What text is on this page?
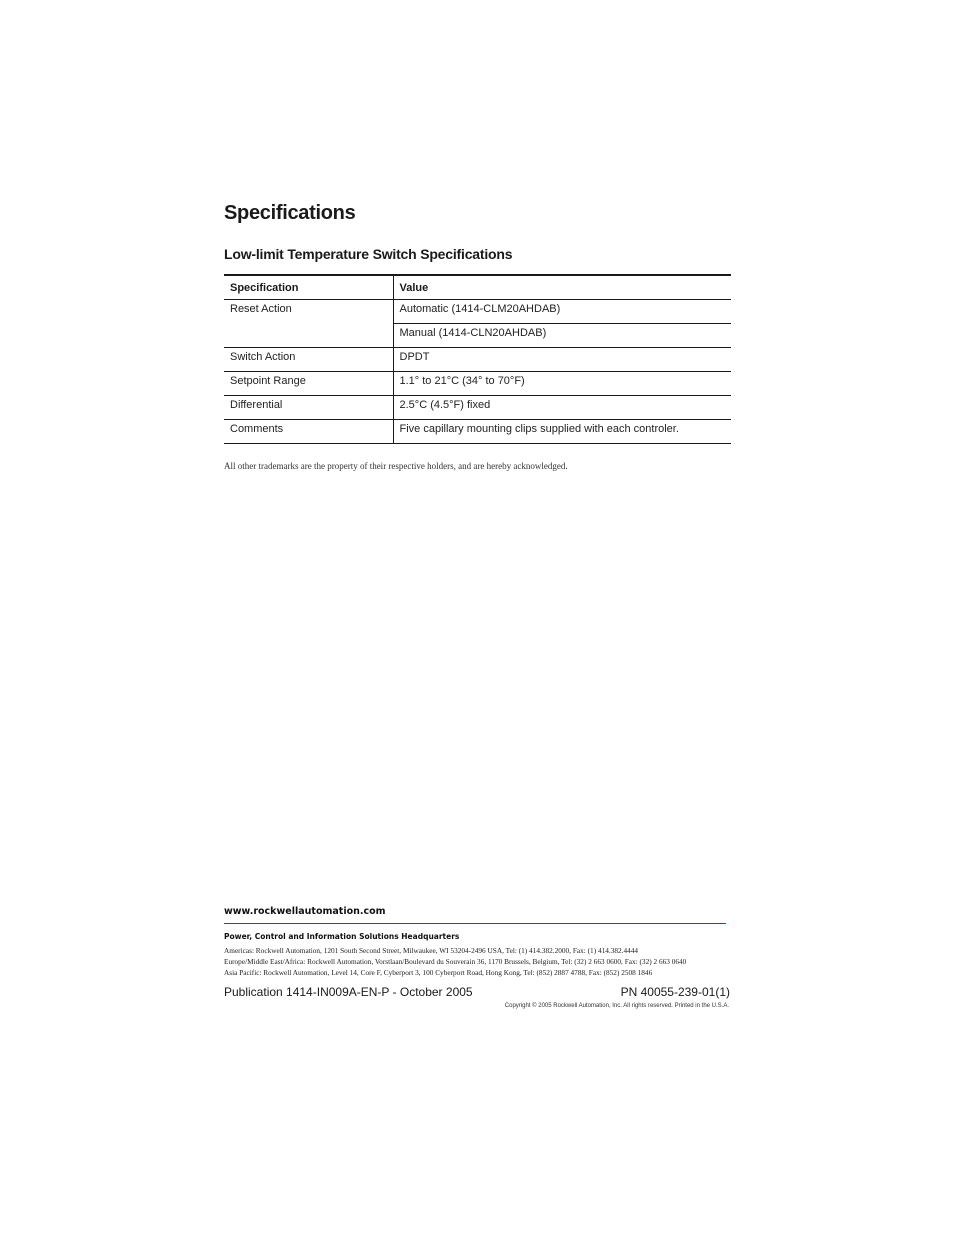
Specifications
Low-limit Temperature Switch Specifications
Specification	Value
Reset Action	Automatic (1414-CLM20AHDAB)
	Manual (1414-CLN20AHDAB)
Switch Action	DPDT
Setpoint Range	1.1° to 21°C (34° to 70°F)
Differential	2.5°C (4.5°F) fixed
Comments	Five capillary mounting clips supplied with each controler.

All other trademarks are the property of their respective holders, and are hereby acknowledged.

www.rockwellautomation.com

Power, Control and Information Solutions Headquarters

Americas: Rockwell Automation, 1201 South Second Street, Milwaukee, WI 53204-2496 USA, Tel: (1) 414.382.2000, Fax: (1) 414.382.4444

Europe/Middle East/Africa: Rockwell Automation, Vorstlaan/Boulevard du Souverain 36, 1170 Brussels, Belgium, Tel: (32) 2 663 0600, Fax: (32) 2 663 0640

Asia Pacific: Rockwell Automation, Level 14, Core F, Cyberport 3, 100 Cyberport Road, Hong Kong, Tel: (852) 2887 4788, Fax: (852) 2508 1846

Publication 1414-IN009A-EN-P - October 2005	PN 40055-239-01(1)

Copyright © 2005 Rockwell Automation, Inc. All rights reserved. Printed in the U.S.A.
